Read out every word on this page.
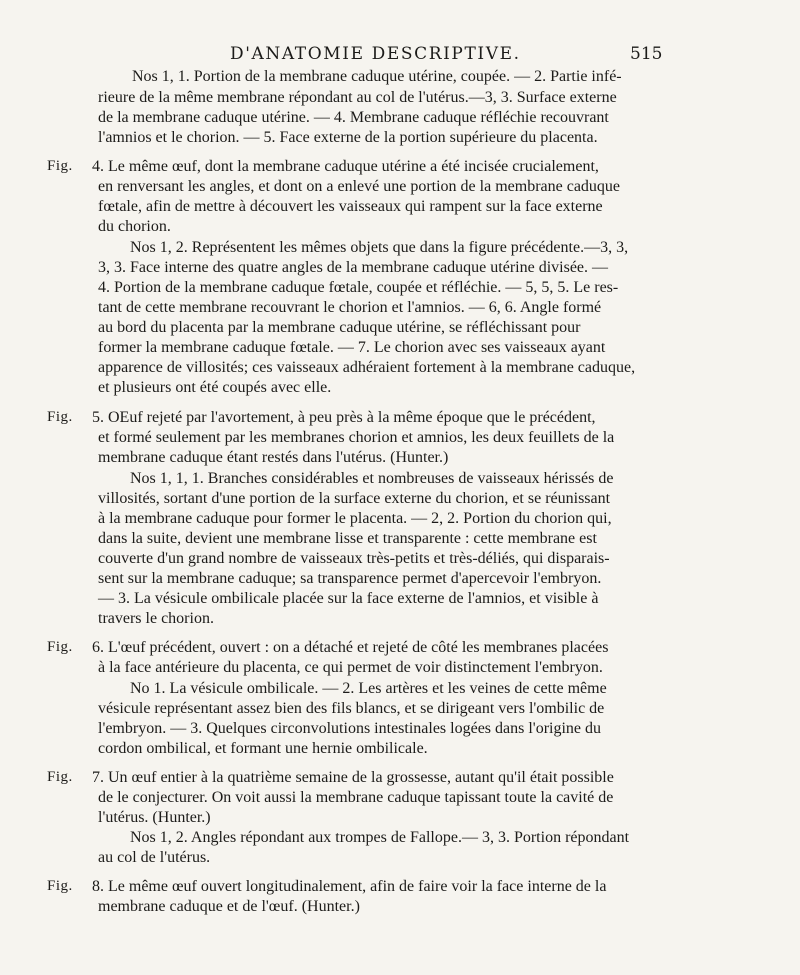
D'ANATOMIE DESCRIPTIVE.	515
Nos 1, 1. Portion de la membrane caduque utérine, coupée. — 2. Partie infé-
rieure de la même membrane répondant au col de l'utérus.—3, 3. Surface externe
de la membrane caduque utérine. — 4. Membrane caduque réfléchie recouvrant
l'amnios et le chorion. — 5. Face externe de la portion supérieure du placenta.
Fig. 4. Le même œuf, dont la membrane caduque utérine a été incisée crucialement,
en renversant les angles, et dont on a enlevé une portion de la membrane caduque
fœtale, afin de mettre à découvert les vaisseaux qui rampent sur la face externe
du chorion.
Nos 1, 2. Représentent les mêmes objets que dans la figure précédente.—3, 3,
3, 3. Face interne des quatre angles de la membrane caduque utérine divisée. —
4. Portion de la membrane caduque fœtale, coupée et réfléchie. — 5, 5, 5. Le res-
tant de cette membrane recouvrant le chorion et l'amnios. — 6, 6. Angle formé
au bord du placenta par la membrane caduque utérine, se réfléchissant pour
former la membrane caduque fœtale. — 7. Le chorion avec ses vaisseaux ayant
apparence de villosités; ces vaisseaux adhéraient fortement à la membrane caduque,
et plusieurs ont été coupés avec elle.
Fig. 5. OEuf rejeté par l'avortement, à peu près à la même époque que le précédent,
et formé seulement par les membranes chorion et amnios, les deux feuillets de la
membrane caduque étant restés dans l'utérus. (Hunter.)
Nos 1, 1, 1. Branches considérables et nombreuses de vaisseaux hérissés de
villosités, sortant d'une portion de la surface externe du chorion, et se réunissant
à la membrane caduque pour former le placenta. — 2, 2. Portion du chorion qui,
dans la suite, devient une membrane lisse et transparente : cette membrane est
couverte d'un grand nombre de vaisseaux très-petits et très-déliés, qui disparais-
sent sur la membrane caduque; sa transparence permet d'apercevoir l'embryon.
— 3. La vésicule ombilicale placée sur la face externe de l'amnios, et visible à
travers le chorion.
Fig. 6. L'œuf précédent, ouvert : on a détaché et rejeté de côté les membranes placées
à la face antérieure du placenta, ce qui permet de voir distinctement l'embryon.
No 1. La vésicule ombilicale. — 2. Les artères et les veines de cette même
vésicule représentant assez bien des fils blancs, et se dirigeant vers l'ombilic de
l'embryon. — 3. Quelques circonvolutions intestinales logées dans l'origine du
cordon ombilical, et formant une hernie ombilicale.
Fig. 7. Un œuf entier à la quatrième semaine de la grossesse, autant qu'il était possible
de le conjecturer. On voit aussi la membrane caduque tapissant toute la cavité de
l'utérus. (Hunter.)
Nos 1, 2. Angles répondant aux trompes de Fallope.— 3, 3. Portion répondant
au col de l'utérus.
Fig. 8. Le même œuf ouvert longitudinalement, afin de faire voir la face interne de la
membrane caduque et de l'œuf. (Hunter.)
